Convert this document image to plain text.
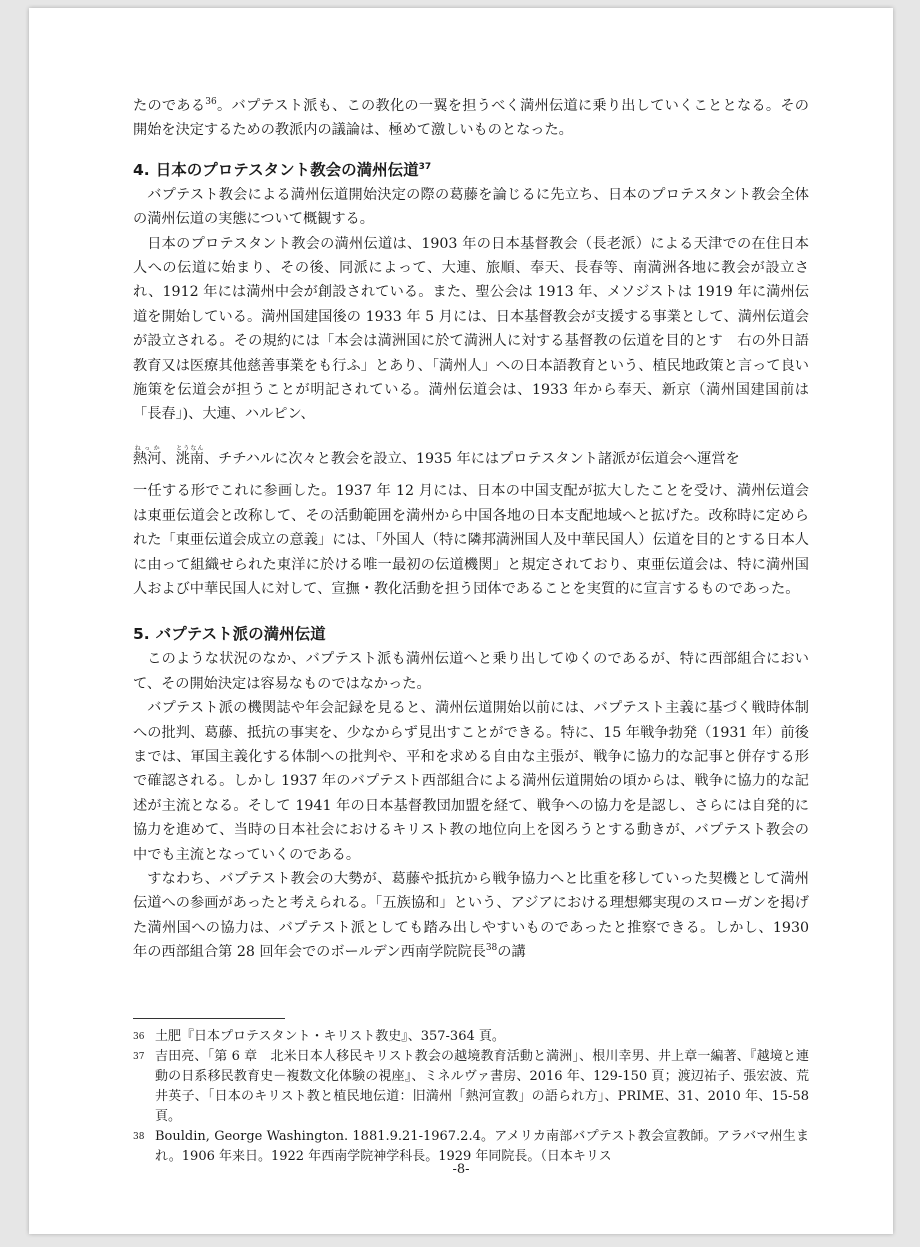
たのである$^{36}$。バプテスト派も、この教化の一翼を担うべく満州伝道に乗り出していくこととなる。その開始を決定するための教派内の議論は、極めて激しいものとなった。

4. 日本のプロテスタント教会の満州伝道$^{37}$

バプテスト教会による満州伝道開始決定の際の葛藤を論じるに先立ち、日本のプロテスタント教会全体の満州伝道の実態について概観する。

日本のプロテスタント教会の満州伝道は、1903 年の日本基督教会（長老派）による天津での在住日本人への伝道に始まり、その後、同派によって、大連、旅順、奉天、長春等、南満洲各地に教会が設立され、1912 年には満州中会が創設されている。また、聖公会は 1913 年、メソジストは 1919 年に満州伝道を開始している。満州国建国後の 1933 年 5 月には、日本基督教会が支援する事業として、満州伝道会が設立される。その規約には「本会は満洲国に於て満洲人に対する基督教の伝道を目的とす　右の外日語教育又は医療其他慈善事業をも行ふ」とあり、「満州人」への日本語教育という、植民地政策と言って良い施策を伝道会が担うことが明記されている。満州伝道会は、1933 年から奉天、新京（満州国建国前は「長春」)、大連、ハルピン、

熱河ねっか、洮南とうなん、チチハルに次々と教会を設立、1935 年にはプロテスタント諸派が伝道会へ運営を

一任する形でこれに参画した。1937 年 12 月には、日本の中国支配が拡大したことを受け、満州伝道会は東亜伝道会と改称して、その活動範囲を満州から中国各地の日本支配地域へと拡げた。改称時に定められた「東亜伝道会成立の意義」には、「外国人（特に隣邦満洲国人及中華民国人）伝道を目的とする日本人に由って組織せられた東洋に於ける唯一最初の伝道機関」と規定されており、東亜伝道会は、特に満州国人および中華民国人に対して、宣撫・教化活動を担う団体であることを実質的に宣言するものであった。

5. バプテスト派の満州伝道

このような状況のなか、バプテスト派も満州伝道へと乗り出してゆくのであるが、特に西部組合において、その開始決定は容易なものではなかった。

バプテスト派の機関誌や年会記録を見ると、満州伝道開始以前には、バプテスト主義に基づく戦時体制への批判、葛藤、抵抗の事実を、少なからず見出すことができる。特に、15 年戦争勃発（1931 年）前後までは、軍国主義化する体制への批判や、平和を求める自由な主張が、戦争に協力的な記事と併存する形で確認される。しかし 1937 年のバプテスト西部組合による満州伝道開始の頃からは、戦争に協力的な記述が主流となる。そして 1941 年の日本基督教団加盟を経て、戦争への協力を是認し、さらには自発的に協力を進めて、当時の日本社会におけるキリスト教の地位向上を図ろうとする動きが、バプテスト教会の中でも主流となっていくのである。

すなわち、バプテスト教会の大勢が、葛藤や抵抗から戦争協力へと比重を移していった契機として満州伝道への参画があったと考えられる。「五族協和」という、アジアにおける理想郷実現のスローガンを掲げた満州国への協力は、バプテスト派としても踏み出しやすいものであったと推察できる。しかし、1930 年の西部組合第 28 回年会でのボールデン西南学院院長$^{38}$の講

36 土肥『日本プロテスタント・キリスト教史』、357-364 頁。
37 吉田亮、「第 6 章　北米日本人移民キリスト教会の越境教育活動と満洲」、根川幸男、井上章一編著、『越境と連動の日系移民教育史－複数文化体験の視座』、ミネルヴァ書房、2016 年、129-150 頁；渡辺祐子、張宏波、荒井英子、「日本のキリスト教と植民地伝道：旧満州「熱河宣教」の語られ方」、PRIME、31、2010 年、15-58 頁。
38 Bouldin, George Washington. 1881.9.21-1967.2.4。アメリカ南部バプテスト教会宣教師。アラバマ州生まれ。1906 年来日。1922 年西南学院神学科長。1929 年同院長。（日本キリス
-8-
